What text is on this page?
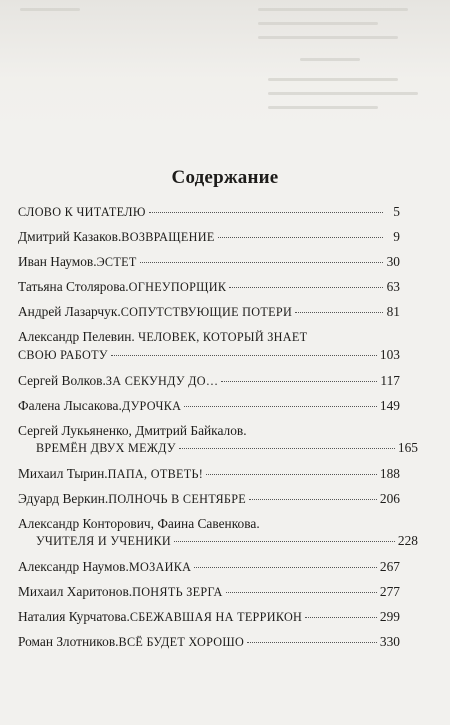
Содержание
СЛОВО К ЧИТАТЕЛЮ	5
Дмитрий Казаков. ВОЗВРАЩЕНИЕ	9
Иван Наумов. ЭСТЕТ	30
Татьяна Столярова. ОГНЕУПОРЩИК	63
Андрей Лазарчук. СОПУТСТВУЮЩИЕ ПОТЕРИ	81
Александр Пелевин. ЧЕЛОВЕК, КОТОРЫЙ ЗНАЕТ
СВОЮ РАБОТУ	103
Сергей Волков. ЗА СЕКУНДУ ДО…	117
Фалена Лысакова. ДУРОЧКА	149
Сергей Лукьяненко, Дмитрий Байкалов.
ВРЕМЁН ДВУХ МЕЖДУ	165
Михаил Тырин. ПАПА, ОТВЕТЬ!	188
Эдуард Веркин. ПОЛНОЧЬ В СЕНТЯБРЕ	206
Александр Конторович, Фаина Савенкова.
УЧИТЕЛЯ И УЧЕНИКИ	228
Александр Наумов. МОЗАИКА	267
Михаил Харитонов. ПОНЯТЬ ЗЕРГА	277
Наталия Курчатова. СБЕЖАВШАЯ НА ТЕРРИКОН	299
Роман Злотников. ВСЁ БУДЕТ ХОРОШО	330
